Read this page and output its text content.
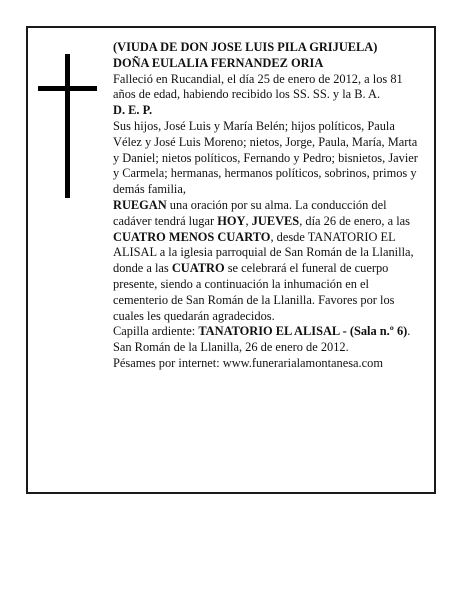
(VIUDA DE DON JOSE LUIS PILA GRIJUELA)

DOÑA EULALIA FERNANDEZ ORIA

Falleció en Rucandial, el día 25 de enero de 2012, a los 81 años de edad, habiendo recibido los SS. SS. y la B. A.

D. E. P.

Sus hijos, José Luis y María Belén; hijos políticos, Paula Vélez y José Luis Moreno; nietos, Jorge, Paula, María, Marta y Daniel; nietos políticos, Fernando y Pedro; bisnietos, Javier y Carmela; hermanas, hermanos políticos, sobrinos, primos y demás familia,

RUEGAN una oración por su alma. La conducción del cadáver tendrá lugar HOY, JUEVES, día 26 de enero, a las CUATRO MENOS CUARTO, desde TANATORIO EL ALISAL a la iglesia parroquial de San Román de la Llanilla, donde a las CUATRO se celebrará el funeral de cuerpo presente, siendo a continuación la inhumación en el cementerio de San Román de la Llanilla. Favores por los cuales les quedarán agradecidos.

Capilla ardiente: TANATORIO EL ALISAL - (Sala n.º 6).

San Román de la Llanilla, 26 de enero de 2012.

Pésames por internet: www.funerarialamontanesa.com
